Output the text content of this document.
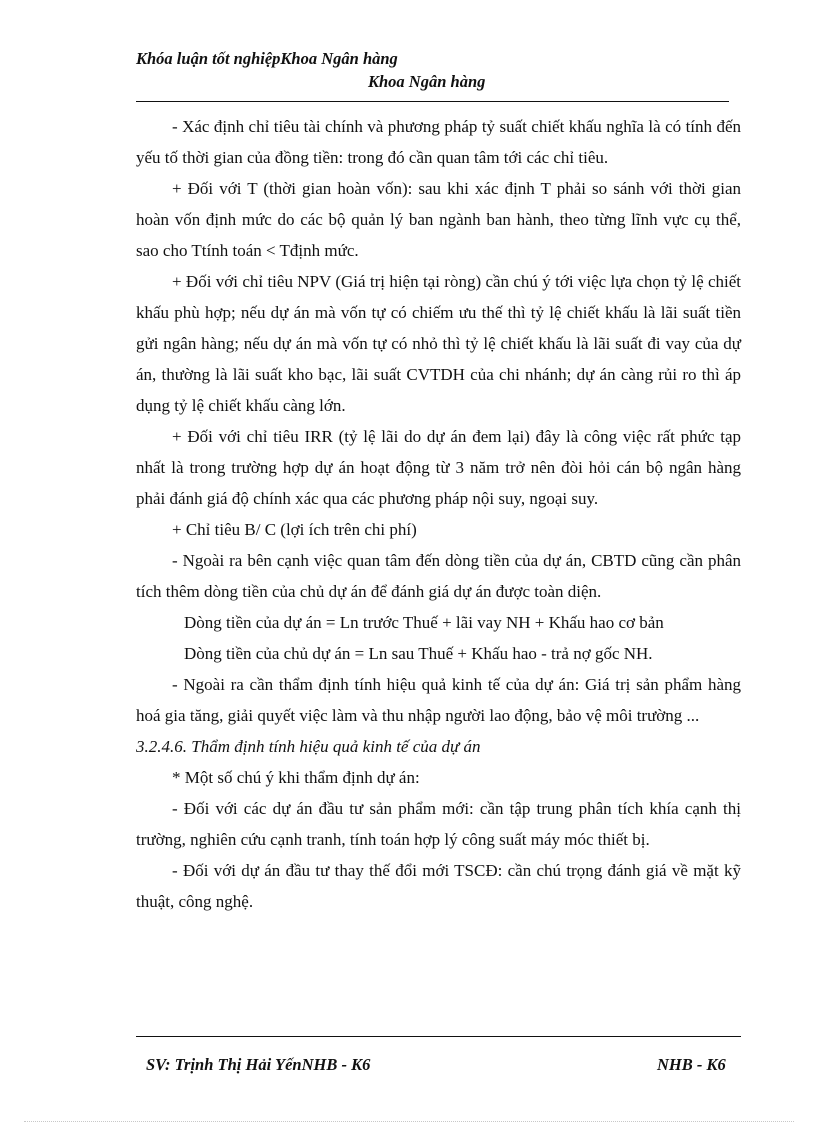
Khóa luận tốt nghiệpKhoa Ngân hàng
Khoa Ngân hàng

- Xác định chỉ tiêu tài chính và phương pháp tỷ suất chiết khấu nghĩa là có tính đến yếu tố thời gian của đồng tiền: trong đó cần quan tâm tới các chỉ tiêu.

+ Đối với T (thời gian hoàn vốn): sau khi xác định T phải so sánh với thời gian hoàn vốn định mức do các bộ quản lý ban ngành ban hành, theo từng lĩnh vực cụ thể, sao cho Ttính toán < Tđịnh mức.

+ Đối với chỉ tiêu NPV (Giá trị hiện tại ròng) cần chú ý tới việc lựa chọn tỷ lệ chiết khấu phù hợp; nếu dự án mà vốn tự có chiếm ưu thế thì tỷ lệ chiết khấu là lãi suất tiền gửi ngân hàng; nếu dự án mà vốn tự có nhỏ thì tỷ lệ chiết khấu là lãi suất đi vay của dự án, thường là lãi suất kho bạc, lãi suất CVTDH của chi nhánh; dự án càng rủi ro thì áp dụng tỷ lệ chiết khấu càng lớn.

+ Đối với chỉ tiêu IRR (tỷ lệ lãi do dự án đem lại) đây là công việc rất phức tạp nhất là trong trường hợp dự án hoạt động từ 3 năm trở nên đòi hỏi cán bộ ngân hàng phải đánh giá độ chính xác qua các phương pháp nội suy, ngoại suy.

+ Chỉ tiêu B/ C (lợi ích trên chi phí)

- Ngoài ra bên cạnh việc quan tâm đến dòng tiền của dự án, CBTD cũng cần phân tích thêm dòng tiền của chủ dự án để đánh giá dự án được toàn diện.

Dòng tiền của dự án = Ln trước Thuế + lãi vay NH + Khấu hao cơ bản

Dòng tiền của chủ dự án = Ln sau Thuế + Khấu hao - trả nợ gốc NH.

- Ngoài ra cần thẩm định tính hiệu quả kinh tế của dự án: Giá trị sản phẩm hàng hoá gia tăng, giải quyết việc làm và thu nhập người lao động, bảo vệ môi trường ...

3.2.4.6. Thẩm định tính hiệu quả kinh tế của dự án

* Một số chú ý khi thẩm định dự án:

- Đối với các dự án đầu tư sản phẩm mới: cần tập trung phân tích khía cạnh thị trường, nghiên cứu cạnh tranh, tính toán hợp lý công suất máy móc thiết bị.

- Đối với dự án đầu tư thay thế đổi mới TSCĐ: cần chú trọng đánh giá về mặt kỹ thuật, công nghệ.

SV: Trịnh Thị Hải YếnNHB - K6	NHB - K6
